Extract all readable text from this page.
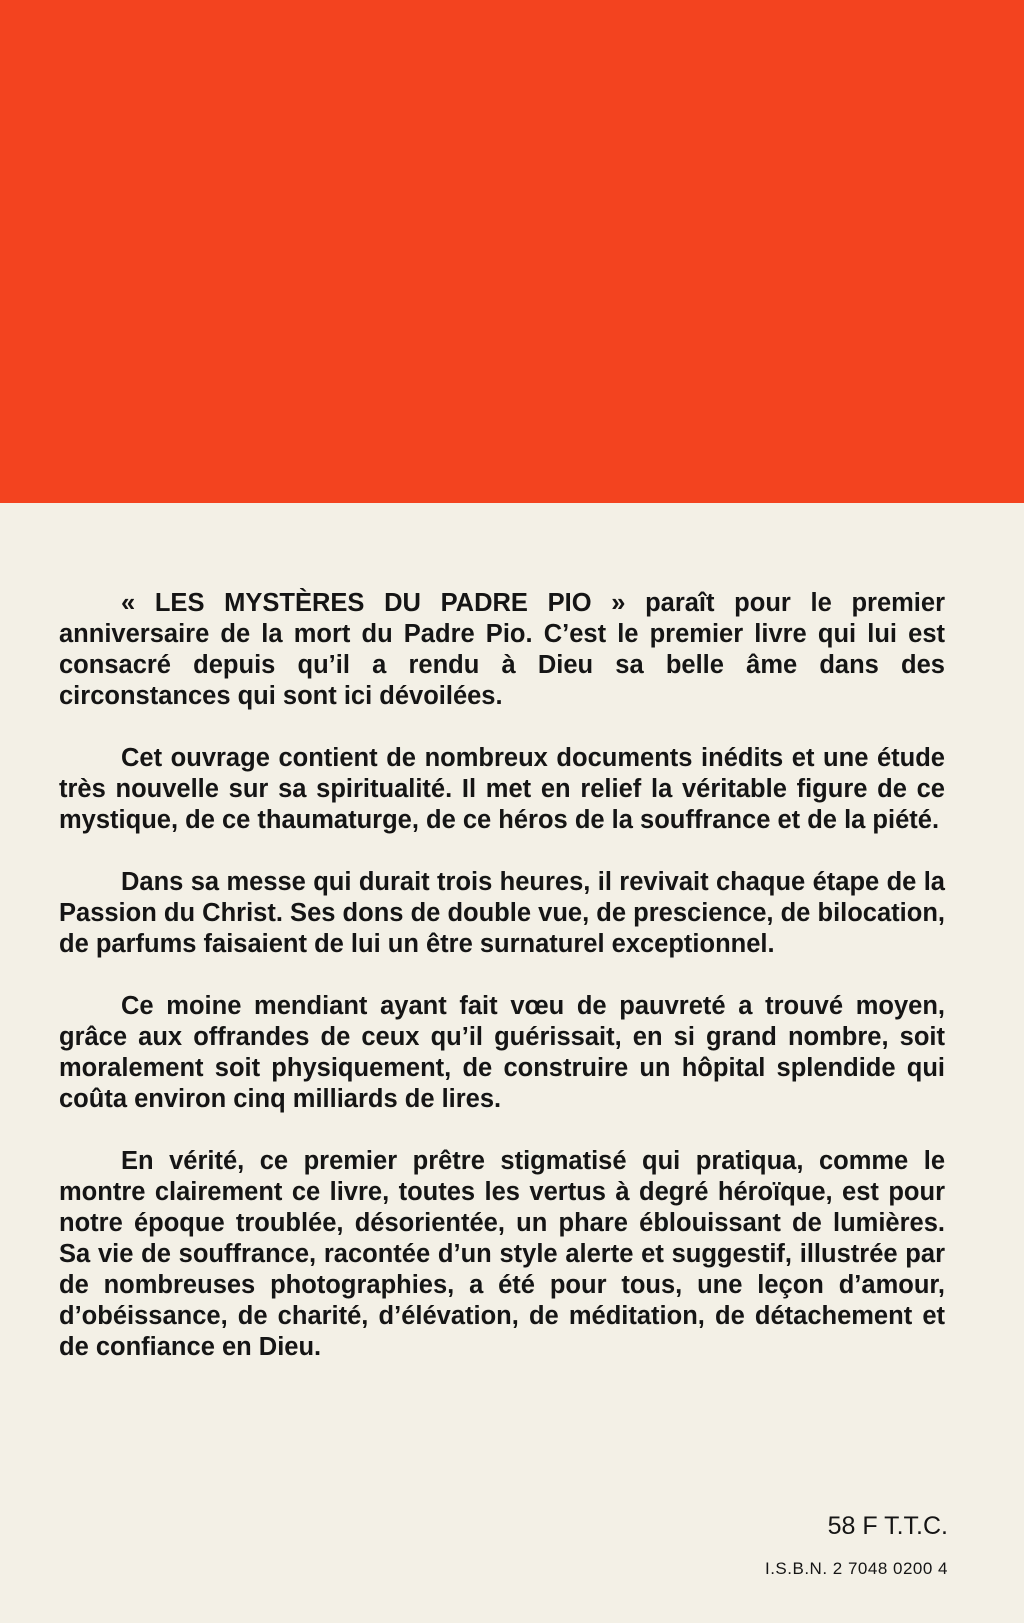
« LES MYSTÈRES DU PADRE PIO » paraît pour le premier anniversaire de la mort du Padre Pio. C’est le premier livre qui lui est consacré depuis qu’il a rendu à Dieu sa belle âme dans des circonstances qui sont ici dévoilées.

Cet ouvrage contient de nombreux documents inédits et une étude très nouvelle sur sa spiritualité. Il met en relief la véritable figure de ce mystique, de ce thaumaturge, de ce héros de la souffrance et de la piété.

Dans sa messe qui durait trois heures, il revivait chaque étape de la Passion du Christ. Ses dons de double vue, de prescience, de bilocation, de parfums faisaient de lui un être surnaturel exceptionnel.

Ce moine mendiant ayant fait vœu de pauvreté a trouvé moyen, grâce aux offrandes de ceux qu’il guérissait, en si grand nombre, soit moralement soit physiquement, de construire un hôpital splendide qui coûta environ cinq milliards de lires.

En vérité, ce premier prêtre stigmatisé qui pratiqua, comme le montre clairement ce livre, toutes les vertus à degré héroïque, est pour notre époque troublée, désorientée, un phare éblouissant de lumières. Sa vie de souffrance, racontée d’un style alerte et suggestif, illustrée par de nombreuses photographies, a été pour tous, une leçon d’amour, d’obéissance, de charité, d’élévation, de méditation, de détachement et de confiance en Dieu.

58 F T.T.C.
I.S.B.N. 2 7048 0200 4
